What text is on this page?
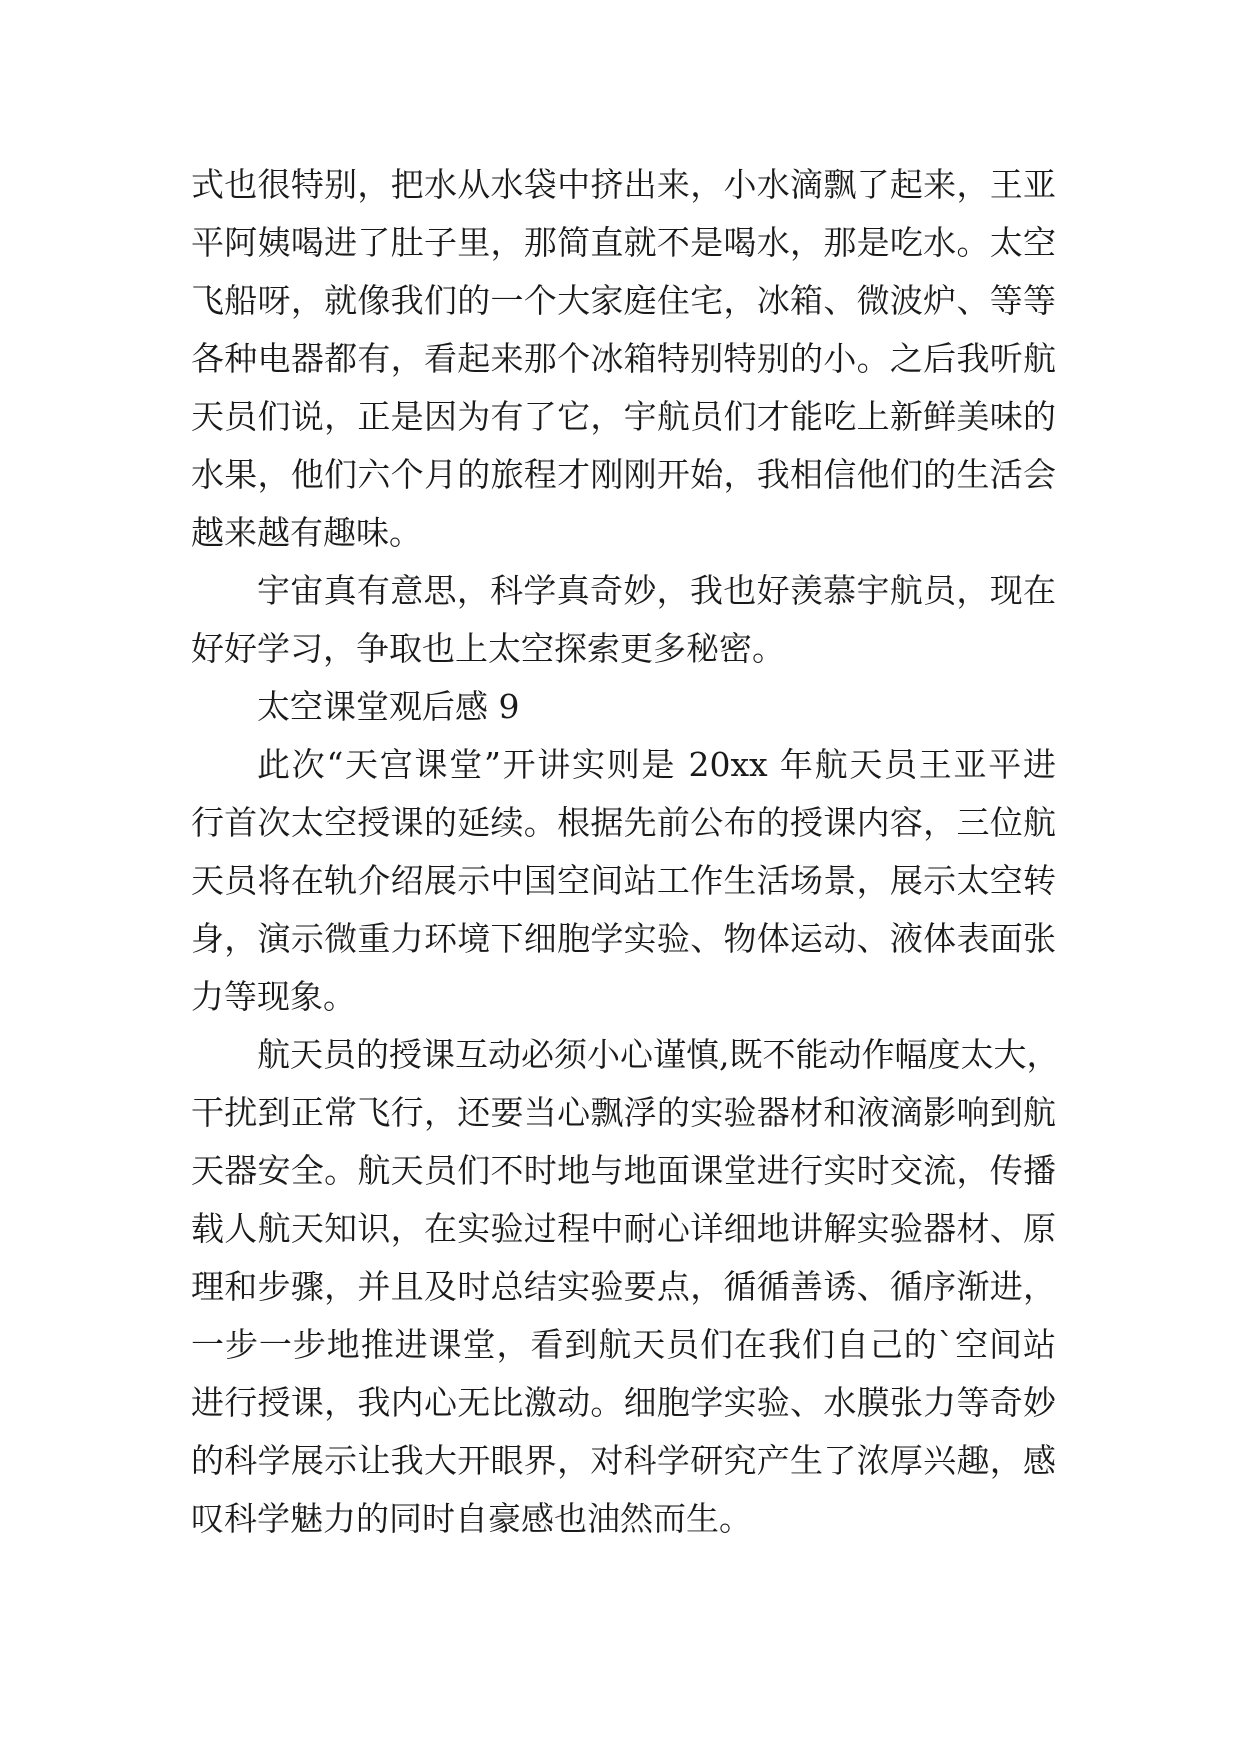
式也很特别，把水从水袋中挤出来，小水滴飘了起来，王亚
平阿姨喝进了肚子里，那简直就不是喝水，那是吃水。太空
飞船呀，就像我们的一个大家庭住宅，冰箱、微波炉、等等
各种电器都有，看起来那个冰箱特别特别的小。之后我听航
天员们说，正是因为有了它，宇航员们才能吃上新鲜美味的
水果，他们六个月的旅程才刚刚开始，我相信他们的生活会
越来越有趣味。
宇宙真有意思，科学真奇妙，我也好羡慕宇航员，现在
好好学习，争取也上太空探索更多秘密。
太空课堂观后感 9
此次“天宫课堂”开讲实则是 20xx 年航天员王亚平进
行首次太空授课的延续。根据先前公布的授课内容，三位航
天员将在轨介绍展示中国空间站工作生活场景，展示太空转
身，演示微重力环境下细胞学实验、物体运动、液体表面张
力等现象。
航天员的授课互动必须小心谨慎,既不能动作幅度太大，
干扰到正常飞行，还要当心飘浮的实验器材和液滴影响到航
天器安全。航天员们不时地与地面课堂进行实时交流，传播
载人航天知识，在实验过程中耐心详细地讲解实验器材、原
理和步骤，并且及时总结实验要点，循循善诱、循序渐进，
一步一步地推进课堂，看到航天员们在我们自己的`空间站
进行授课，我内心无比激动。细胞学实验、水膜张力等奇妙
的科学展示让我大开眼界，对科学研究产生了浓厚兴趣，感
叹科学魅力的同时自豪感也油然而生。
